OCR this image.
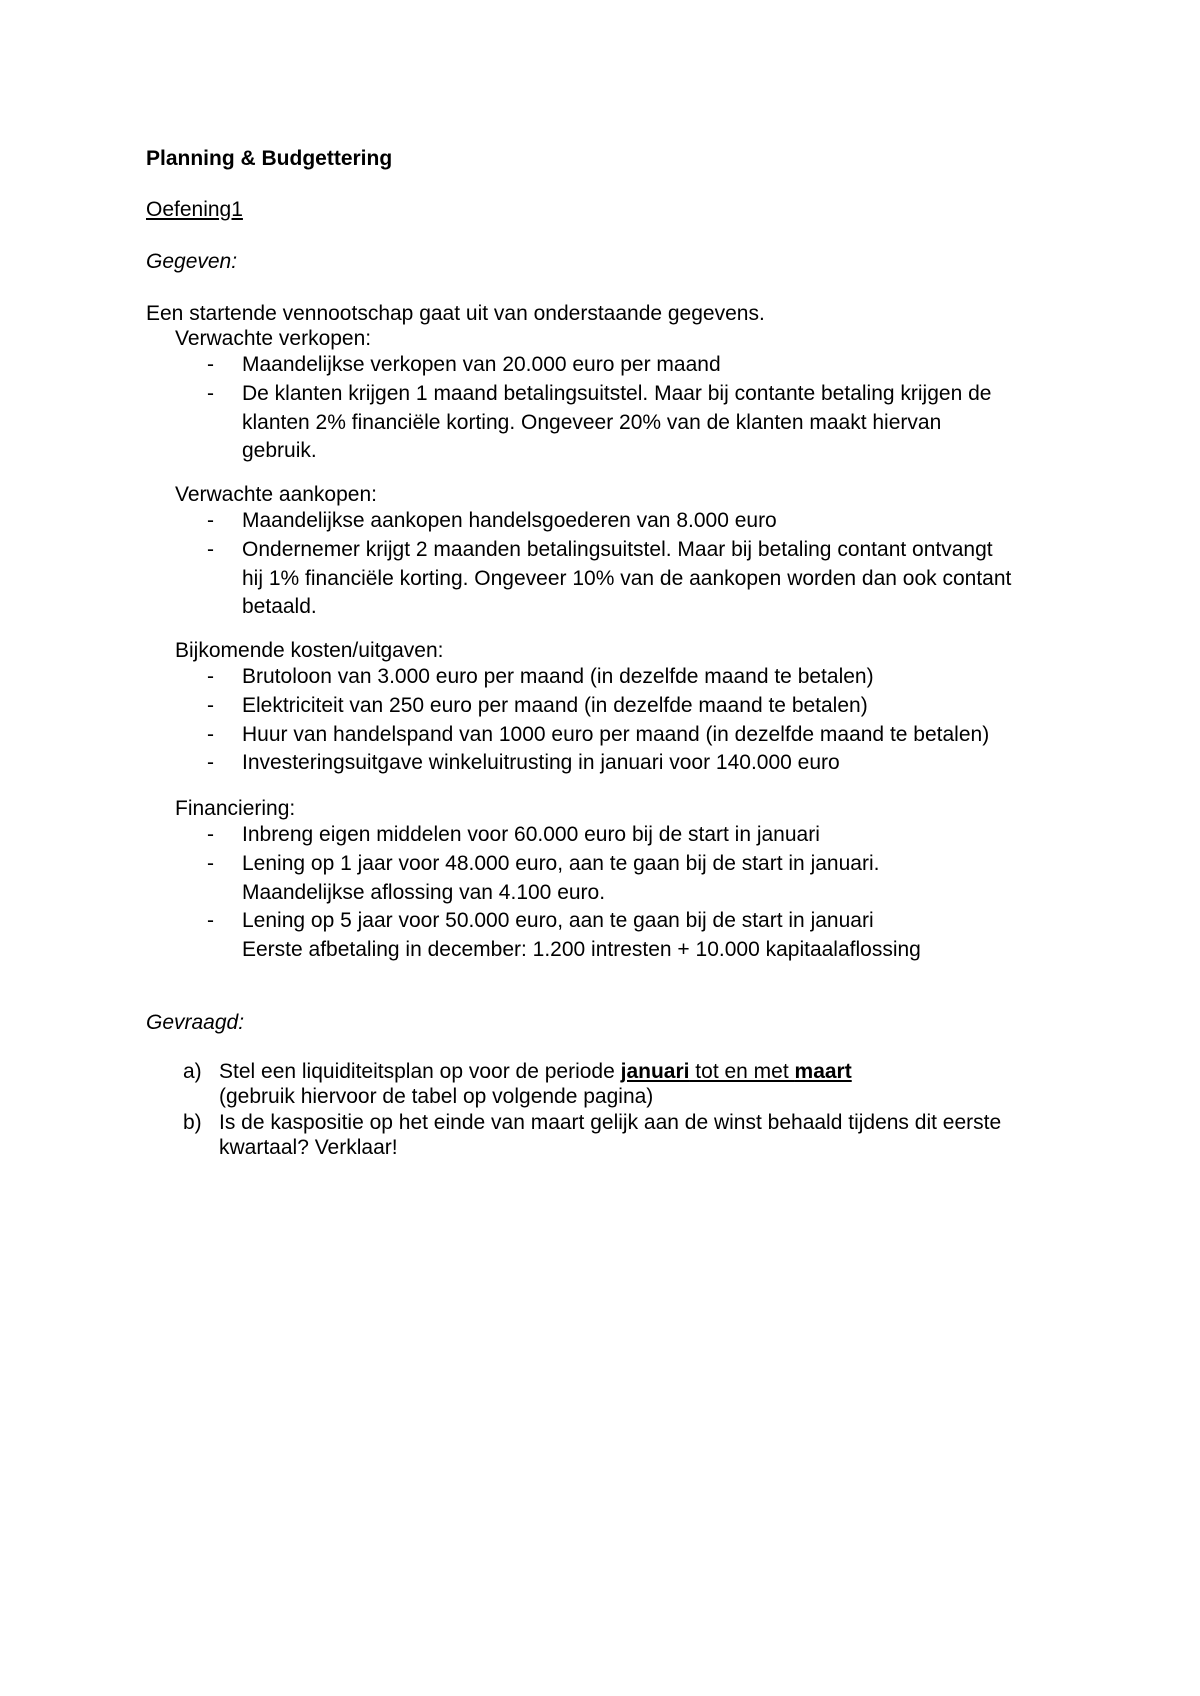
Planning & Budgettering
Oefening1
Gegeven:
Een startende vennootschap gaat uit van onderstaande gegevens.
Verwachte verkopen:
- Maandelijkse verkopen van 20.000 euro per maand
- De klanten krijgen 1 maand betalingsuitstel. Maar bij contante betaling krijgen de
klanten 2% financiële korting. Ongeveer 20% van de klanten maakt hiervan
gebruik.
Verwachte aankopen:
- Maandelijkse aankopen handelsgoederen van 8.000 euro
- Ondernemer krijgt 2 maanden betalingsuitstel. Maar bij betaling contant ontvangt
hij 1% financiële korting. Ongeveer 10% van de aankopen worden dan ook contant
betaald.
Bijkomende kosten/uitgaven:
- Brutoloon van 3.000 euro per maand (in dezelfde maand te betalen)
- Elektriciteit van 250 euro per maand (in dezelfde maand te betalen)
- Huur van handelspand van 1000 euro per maand (in dezelfde maand te betalen)
- Investeringsuitgave winkeluitrusting in januari voor 140.000 euro
Financiering:
- Inbreng eigen middelen voor 60.000 euro bij de start in januari
- Lening op 1 jaar voor 48.000 euro, aan te gaan bij de start in januari.
Maandelijkse aflossing van 4.100 euro.
- Lening op 5 jaar voor 50.000 euro, aan te gaan bij de start in januari
Eerste afbetaling in december: 1.200 intresten + 10.000 kapitaalaflossing
Gevraagd:
a) Stel een liquiditeitsplan op voor de periode januari tot en met maart
(gebruik hiervoor de tabel op volgende pagina)
b) Is de kaspositie op het einde van maart gelijk aan de winst behaald tijdens dit eerste
kwartaal? Verklaar!
